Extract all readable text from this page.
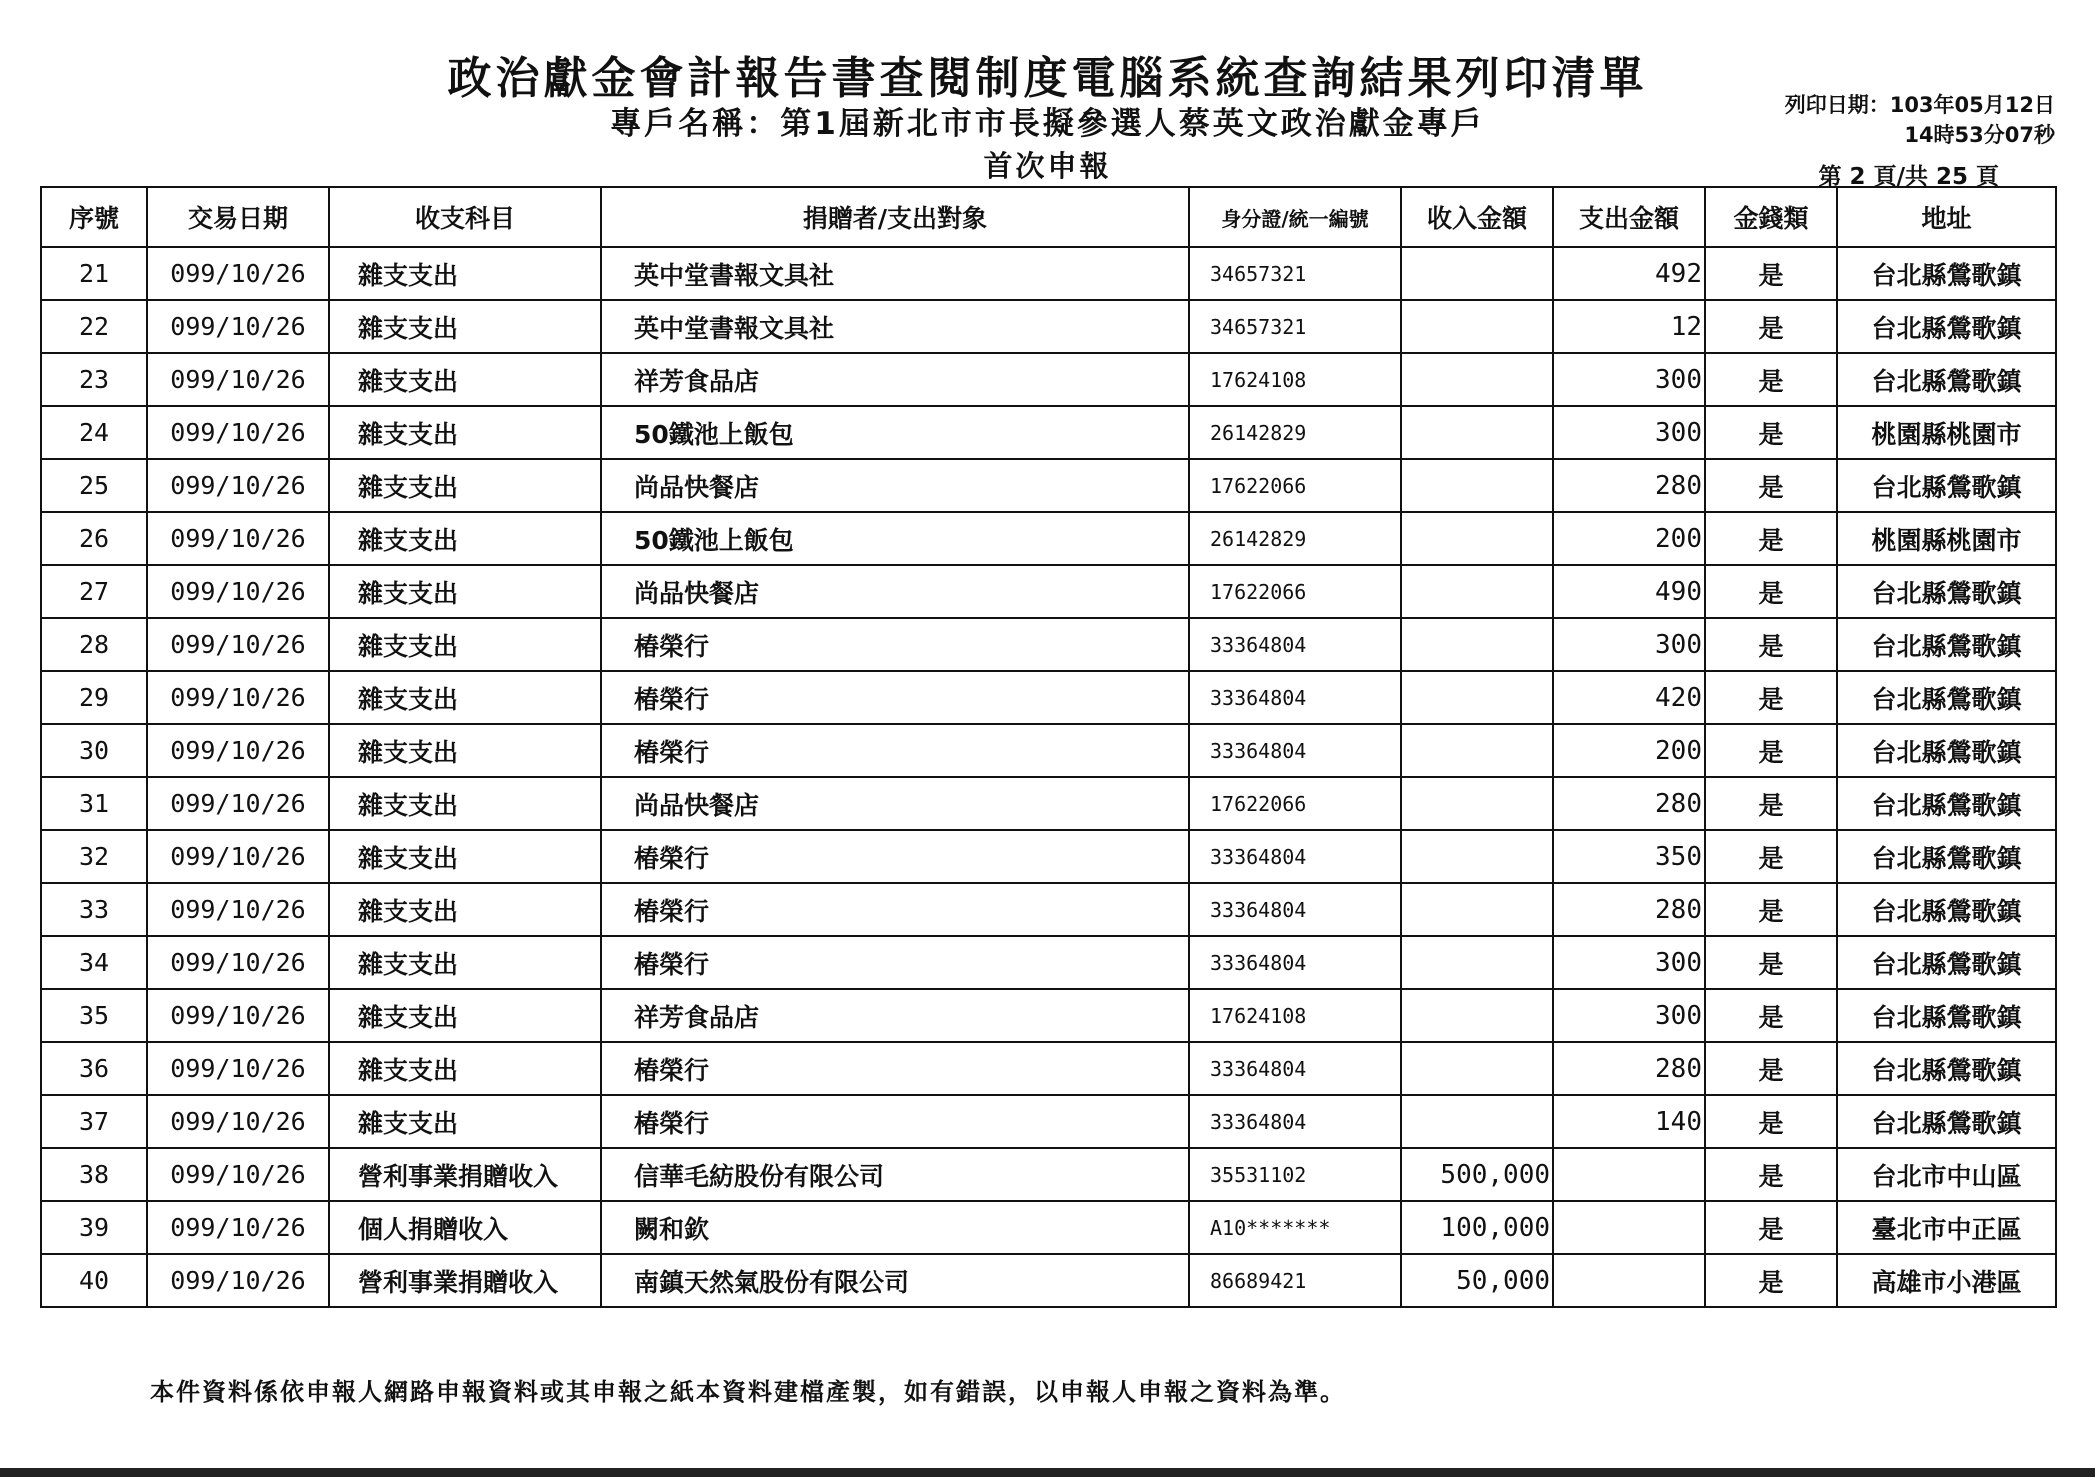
政治獻金會計報告書查閱制度電腦系統查詢結果列印清單
專戶名稱：第1屆新北市市長擬參選人蔡英文政治獻金專戶
首次申報
列印日期：103年05月12日
14時53分07秒
第 2 頁/共 25 頁
序號	交易日期	收支科目	捐贈者/支出對象	身分證/統一編號	收入金額	支出金額	金錢類	地址
21	099/10/26	雜支支出	英中堂書報文具社	34657321		492	是	台北縣鶯歌鎮
22	099/10/26	雜支支出	英中堂書報文具社	34657321		12	是	台北縣鶯歌鎮
23	099/10/26	雜支支出	祥芳食品店	17624108		300	是	台北縣鶯歌鎮
24	099/10/26	雜支支出	50鐵池上飯包	26142829		300	是	桃園縣桃園市
25	099/10/26	雜支支出	尚品快餐店	17622066		280	是	台北縣鶯歌鎮
26	099/10/26	雜支支出	50鐵池上飯包	26142829		200	是	桃園縣桃園市
27	099/10/26	雜支支出	尚品快餐店	17622066		490	是	台北縣鶯歌鎮
28	099/10/26	雜支支出	椿榮行	33364804		300	是	台北縣鶯歌鎮
29	099/10/26	雜支支出	椿榮行	33364804		420	是	台北縣鶯歌鎮
30	099/10/26	雜支支出	椿榮行	33364804		200	是	台北縣鶯歌鎮
31	099/10/26	雜支支出	尚品快餐店	17622066		280	是	台北縣鶯歌鎮
32	099/10/26	雜支支出	椿榮行	33364804		350	是	台北縣鶯歌鎮
33	099/10/26	雜支支出	椿榮行	33364804		280	是	台北縣鶯歌鎮
34	099/10/26	雜支支出	椿榮行	33364804		300	是	台北縣鶯歌鎮
35	099/10/26	雜支支出	祥芳食品店	17624108		300	是	台北縣鶯歌鎮
36	099/10/26	雜支支出	椿榮行	33364804		280	是	台北縣鶯歌鎮
37	099/10/26	雜支支出	椿榮行	33364804		140	是	台北縣鶯歌鎮
38	099/10/26	營利事業捐贈收入	信華毛紡股份有限公司	35531102	500,000		是	台北市中山區
39	099/10/26	個人捐贈收入	闕和欽	A10*******	100,000		是	臺北市中正區
40	099/10/26	營利事業捐贈收入	南鎮天然氣股份有限公司	86689421	50,000		是	高雄市小港區
本件資料係依申報人網路申報資料或其申報之紙本資料建檔產製，如有錯誤，以申報人申報之資料為準。
